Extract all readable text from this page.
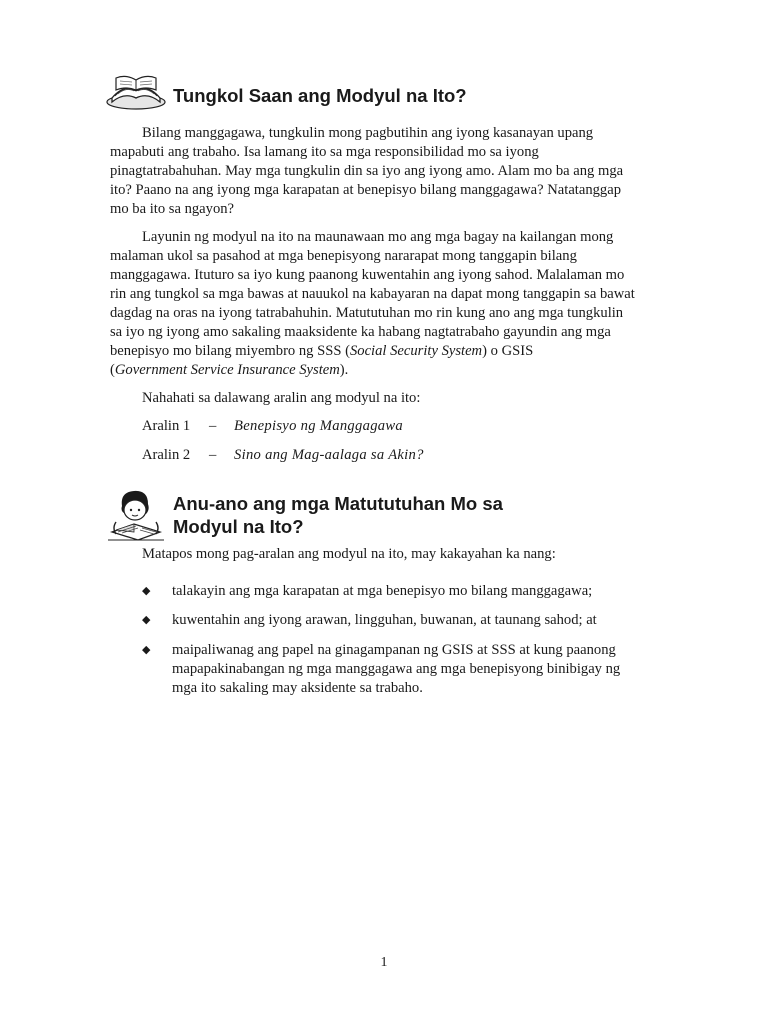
Tungkol Saan ang Modyul na Ito?

Bilang manggagawa, tungkulin mong pagbutihin ang iyong kasanayan upang
mapabuti ang trabaho. Isa lamang ito sa mga responsibilidad mo sa iyong
pinagtatrabahuhan. May mga tungkulin din sa iyo ang iyong amo. Alam mo ba ang mga
ito? Paano na ang iyong mga karapatan at benepisyo bilang manggagawa? Natatanggap
mo ba ito sa ngayon?

Layunin ng modyul na ito na maunawaan mo ang mga bagay na kailangan mong
malaman ukol sa pasahod at mga benepisyong nararapat mong tanggapin bilang
manggagawa. Ituturo sa iyo kung paanong kuwentahin ang iyong sahod. Malalaman mo
rin ang tungkol sa mga bawas at nauukol na kabayaran na dapat mong tanggapin sa bawat
dagdag na oras na iyong tatrabahuhin. Matututuhan mo rin kung ano ang mga tungkulin
sa iyo ng iyong amo sakaling maaksidente ka habang nagtatrabaho gayundin ang mga
benepisyo mo bilang miyembro ng SSS (Social Security System) o GSIS
(Government Service Insurance System).

Nahahati sa dalawang aralin ang modyul na ito:
Aralin 1 – Benepisyo ng Manggagawa
Aralin 2 – Sino ang Mag-aalaga sa Akin?
Anu-ano ang mga Matututuhan Mo sa
Modyul na Ito?
Matapos mong pag-aralan ang modyul na ito, may kakayahan ka nang:
◆ talakayin ang mga karapatan at mga benepisyo mo bilang manggagawa;
◆ kuwentahin ang iyong arawan, lingguhan, buwanan, at taunang sahod; at
◆ maipaliwanag ang papel na ginagampanan ng GSIS at SSS at kung paanong
mapapakinabangan ng mga manggagawa ang mga benepisyong binibigay ng
mga ito sakaling may aksidente sa trabaho.
1
